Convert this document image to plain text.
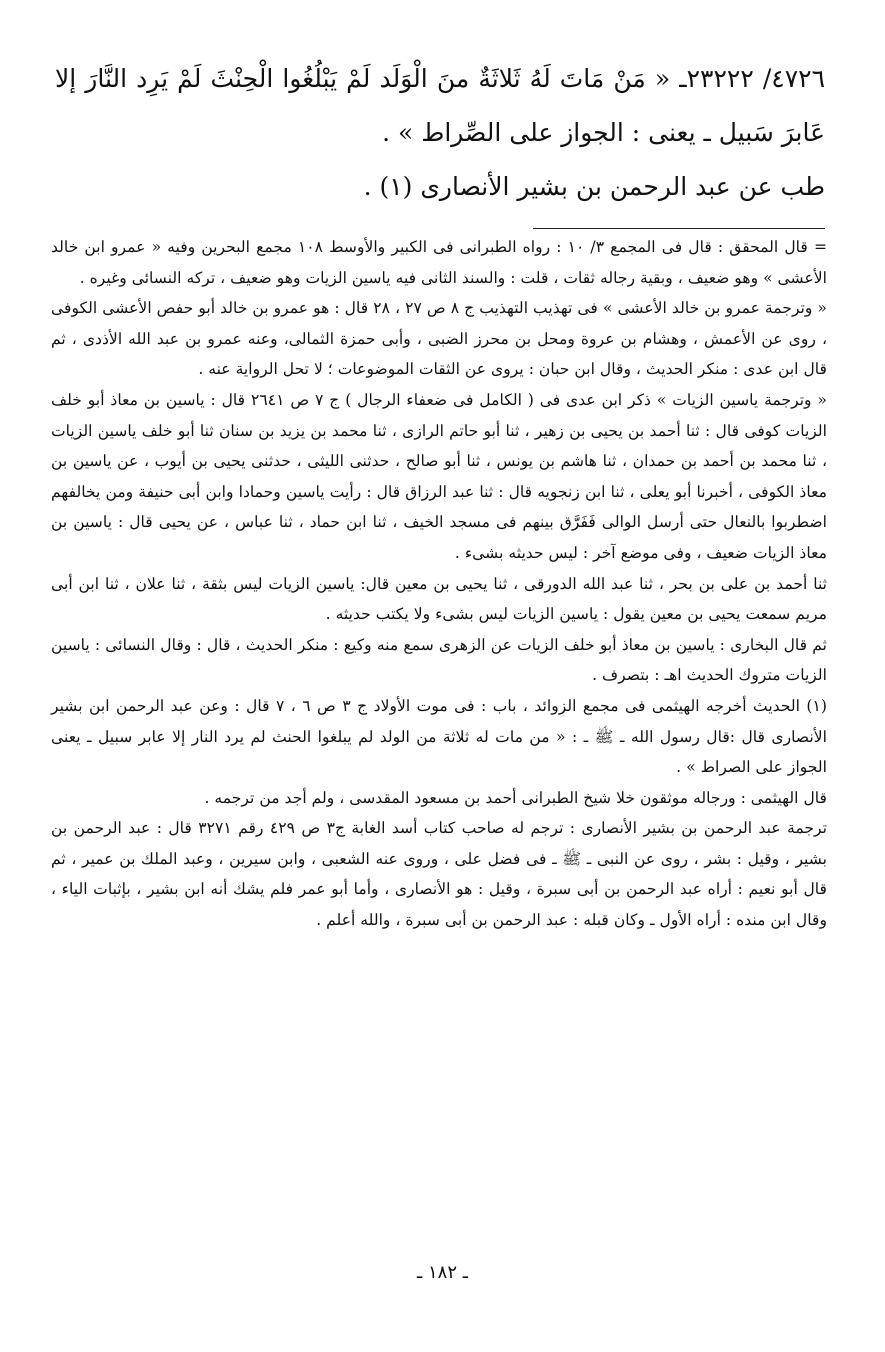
٤٧٢٦/ ٢٣٢٢٢ـ « مَنْ مَاتَ لَهُ ثَلاثَةٌ منَ الْوَلَد لَمْ يَبْلُغُوا الْحِنْثَ لَمْ يَرِد النَّارَ إلا عَابرَ سَبيل ـ يعنى : الجواز على الصِّراط » .

طب عن عبد الرحمن بن بشير الأنصارى (١) .

= قال المحقق : قال فى المجمع ٣/ ١٠ : رواه الطبرانى فى الكبير والأوسط ١٠٨ مجمع البحرين وفيه « عمرو ابن خالد الأعشى » وهو ضعيف ، وبقية رجاله ثقات ، قلت : والسند الثانى فيه ياسين الزيات وهو ضعيف ، تركه النسائى وغيره .

« وترجمة عمرو بن خالد الأعشى » فى تهذيب التهذيب ج ٨ ص ٢٧ ، ٢٨ قال : هو عمرو بن خالد أبو حفص الأعشى الكوفى ، روى عن الأعمش ، وهشام بن عروة ومحل بن محرز الضبى ، وأبى حمزة الثمالى، وعنه عمرو بن عبد الله الأذدى ، ثم قال ابن عدى : منكر الحديث ، وقال ابن حبان : يروى عن الثقات الموضوعات ؛ لا تحل الرواية عنه .

« وترجمة ياسين الزيات » ذكر ابن عدى فى ( الكامل فى ضعفاء الرجال ) ج ٧ ص ٢٦٤١ قال : ياسين بن معاذ أبو خلف الزيات كوفى قال : ثنا أحمد بن يحيى بن زهير ، ثنا أبو حاتم الرازى ، ثنا محمد بن يزيد بن سنان ثنا أبو خلف ياسين الزيات ، ثنا محمد بن أحمد بن حمدان ، ثنا هاشم بن يونس ، ثنا أبو صالح ، حدثنى الليثى ، حدثنى يحيى بن أيوب ، عن ياسين بن معاذ الكوفى ، أخبرنا أبو يعلى ، ثنا ابن زنجويه قال : ثنا عبد الرزاق قال : رأيت ياسين وحمادا وابن أبى حنيفة ومن يخالفهم اضطربوا بالنعال حتى أرسل الوالى فَفَرَّق بينهم فى مسجد الخيف ، ثنا ابن حماد ، ثنا عباس ، عن يحيى قال : ياسين بن معاذ الزيات ضعيف ، وفى موضع آخر : ليس حديثه بشىء .

ثنا أحمد بن على بن بحر ، ثنا عبد الله الدورقى ، ثنا يحيى بن معين قال: ياسين الزيات ليس بثقة ، ثنا علان ، ثنا ابن أبى مريم سمعت يحيى بن معين يقول : ياسين الزيات ليس بشىء ولا يكتب حديثه .

ثم قال البخارى : ياسين بن معاذ أبو خلف الزيات عن الزهرى سمع منه وكيع : منكر الحديث ، قال : وقال النسائى : ياسين الزيات متروك الحديث اهـ : بتصرف .

(١) الحديث أخرجه الهيثمى فى مجمع الزوائد ، باب : فى موت الأولاد ج ٣ ص ٦ ، ٧ قال : وعن عبد الرحمن ابن بشير الأنصارى قال :قال رسول الله ـ ﷺ ـ : « من مات له ثلاثة من الولد لم يبلغوا الحنث لم يرد النار إلا عابر سبيل ـ يعنى الجواز على الصراط » .

قال الهيثمى : ورجاله موثقون خلا شيخ الطبرانى أحمد بن مسعود المقدسى ، ولم أجد من ترجمه .

ترجمة عبد الرحمن بن بشير الأنصارى : ترجم له صاحب كتاب أسد الغابة ج٣ ص ٤٢٩ رقم ٣٢٧١ قال : عبد الرحمن بن بشير ، وقيل : بشر ، روى عن النبى ـ ﷺ ـ فى فضل على ، وروى عنه الشعبى ، وابن سيرين ، وعبد الملك بن عمير ، ثم قال أبو نعيم : أراه عبد الرحمن بن أبى سبرة ، وقيل : هو الأنصارى ، وأما أبو عمر فلم يشك أنه ابن بشير ، بإثبات الياء ، وقال ابن منده : أراه الأول ـ وكان قبله : عبد الرحمن بن أبى سبرة ، والله أعلم .

ـ ١٨٢ ـ
